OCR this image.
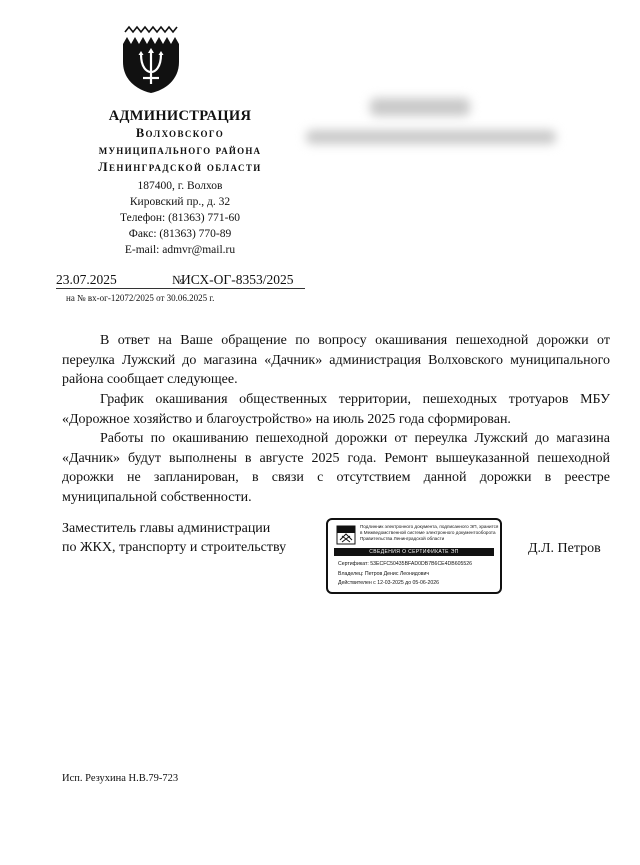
АДМИНИСТРАЦИЯ
Волховского
муниципального района
Ленинградской области
187400, г. Волхов
Кировский пр., д. 32
Телефон: (81363) 771-60
Факс: (81363) 770-89
E-mail: admvr@mail.ru
23.07.2025	№
ИСХ-ОГ-8353/2025
на № вх-ог-12072/2025 от 30.06.2025 г.
В ответ на Ваше обращение по вопросу окашивания пешеходной дорожки от переулка Лужский до магазина «Дачник» администрация Волховского муниципального района сообщает следующее.
График окашивания общественных территории, пешеходных тротуаров МБУ «Дорожное хозяйство и благоустройство» на июль 2025 года сформирован.
Работы по окашиванию пешеходной дорожки от переулка Лужский до магазина «Дачник» будут выполнены в августе 2025 года. Ремонт вышеуказанной пешеходной дорожки не запланирован, в связи с отсутствием данной дорожки в реестре муниципальной собственности.
Заместитель главы администрации
по ЖКХ, транспорту и строительству	Д.Л. Петров
Подлинник электронного документа, подписанного ЭП, хранится в Межведомственной системе электронного документооборота Правительства Ленинградской области
СВЕДЕНИЯ О СЕРТИФИКАТЕ ЭП
Сертификат: 53ECFC50435BFAD0DB7B6CE4DB605526
Владелец: Петров Денис Леонидович
Действителен с 12-03-2025 до 05-06-2026
Исп. Резухина Н.В.79-723
